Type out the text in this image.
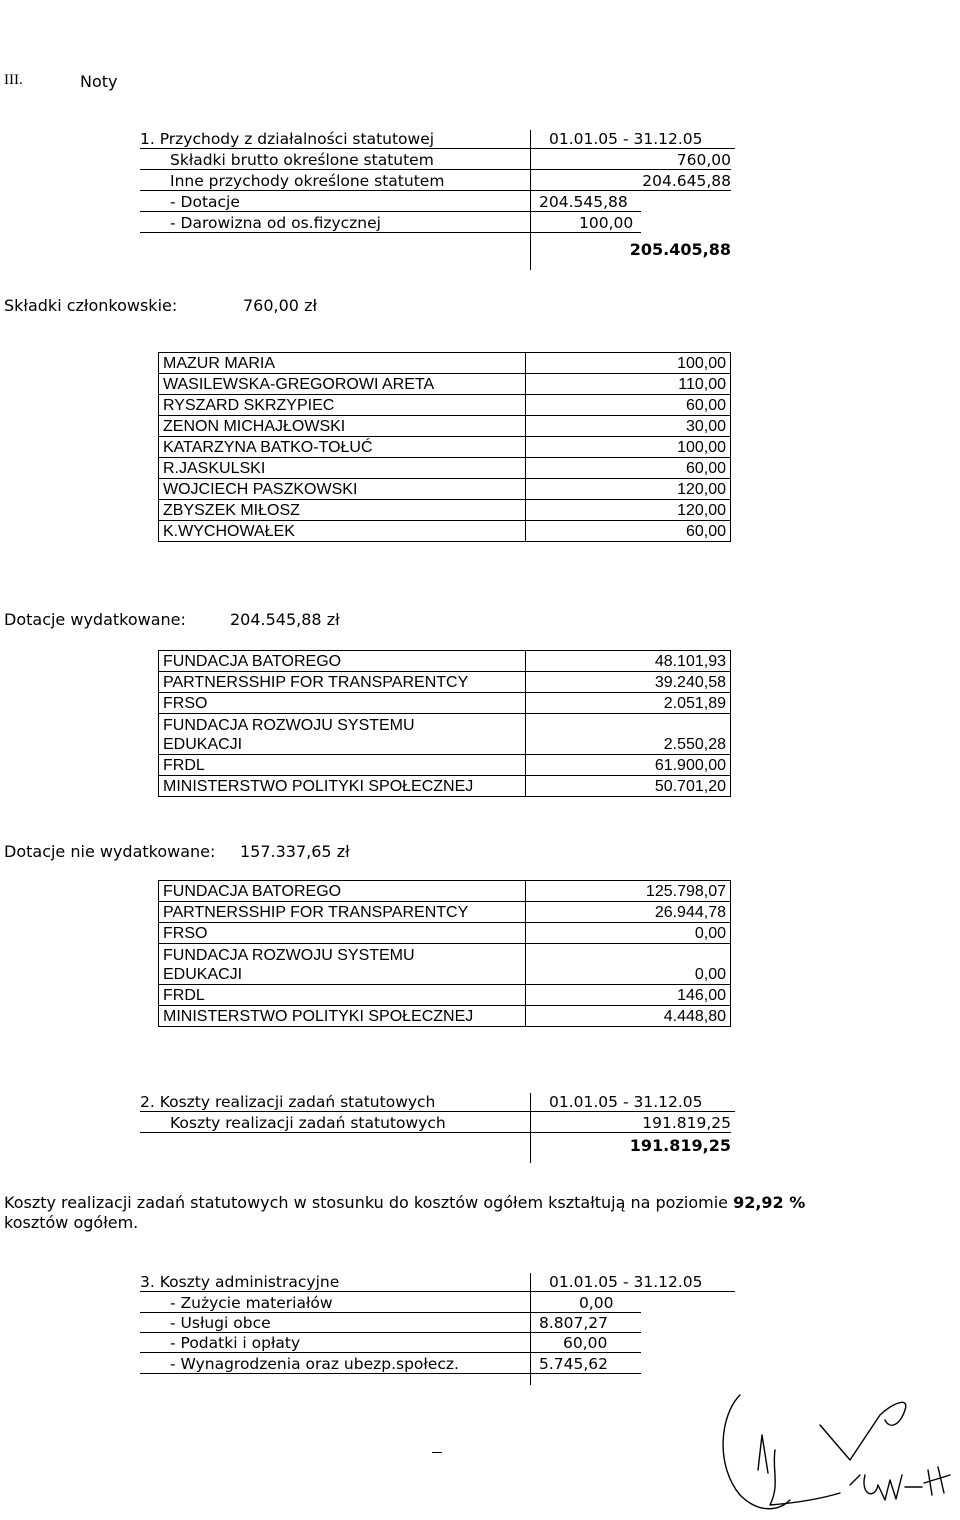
III.	Noty
1. Przychody z działalności statutowej	01.01.05 - 31.12.05
Składki brutto określone statutem	760,00
Inne przychody określone statutem	204.645,88
- Dotacje	204.545,88
- Darowizna od os.fizycznej	100,00
205.405,88
Składki członkowskie:	760,00 zł
MAZUR MARIA	100,00
WASILEWSKA-GREGOROWI ARETA	110,00
RYSZARD SKRZYPIEC	60,00
ZENON MICHAJŁOWSKI	30,00
KATARZYNA BATKO-TOŁUĆ	100,00
R.JASKULSKI	60,00
WOJCIECH PASZKOWSKI	120,00
ZBYSZEK MIŁOSZ	120,00
K.WYCHOWAŁEK	60,00
Dotacje wydatkowane:	204.545,88 zł
FUNDACJA BATOREGO	48.101,93
PARTNERSSHIP FOR TRANSPARENTCY	39.240,58
FRSO	2.051,89
FUNDACJA ROZWOJU SYSTEMU
EDUKACJI	2.550,28
FRDL	61.900,00
MINISTERSTWO POLITYKI SPOŁECZNEJ	50.701,20
Dotacje nie wydatkowane: 157.337,65 zł
FUNDACJA BATOREGO	125.798,07
PARTNERSSHIP FOR TRANSPARENTCY	26.944,78
FRSO	0,00
FUNDACJA ROZWOJU SYSTEMU
EDUKACJI	0,00
FRDL	146,00
MINISTERSTWO POLITYKI SPOŁECZNEJ	4.448,80
2. Koszty realizacji zadań statutowych	01.01.05 - 31.12.05
Koszty realizacji zadań statutowych	191.819,25
191.819,25
Koszty realizacji zadań statutowych w stosunku do kosztów ogółem kształtują na poziomie 92,92 %
kosztów ogółem.
3. Koszty administracyjne	01.01.05 - 31.12.05
- Zużycie materiałów	0,00
- Usługi obce	8.807,27
- Podatki i opłaty	60,00
- Wynagrodzenia oraz ubezp.społecz.	5.745,62
KMH
